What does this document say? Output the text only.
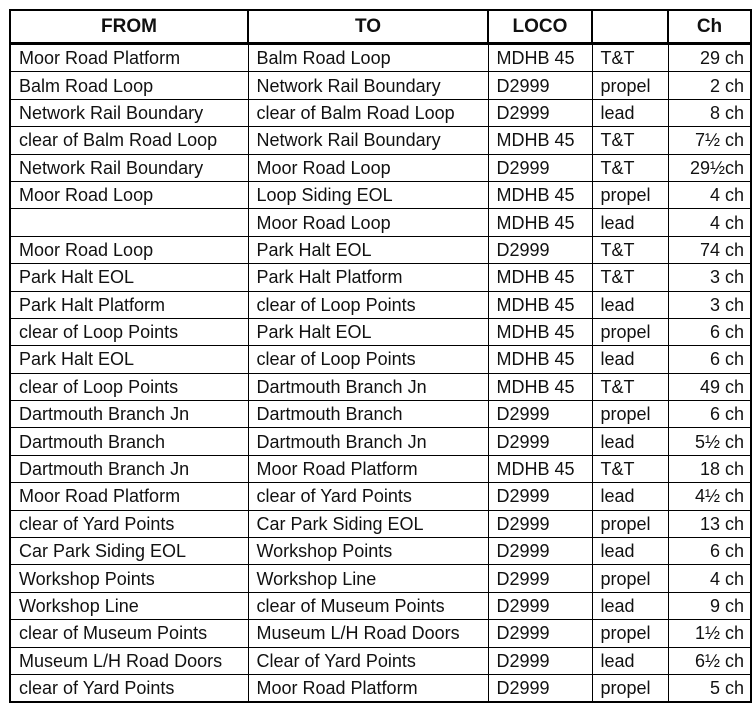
FROM	TO	LOCO		Ch
Moor Road Platform	Balm Road Loop	MDHB 45	T&T	29 ch
Balm Road Loop	Network Rail Boundary	D2999	propel	2 ch
Network Rail Boundary	clear of Balm Road Loop	D2999	lead	8 ch
clear of Balm Road Loop	Network Rail Boundary	MDHB 45	T&T	7½ ch
Network Rail Boundary	Moor Road Loop	D2999	T&T	29½ch
Moor Road Loop	Loop Siding EOL	MDHB 45	propel	4 ch
	Moor Road Loop	MDHB 45	lead	4 ch
Moor Road Loop	Park Halt EOL	D2999	T&T	74 ch
Park Halt EOL	Park Halt Platform	MDHB 45	T&T	3 ch
Park Halt Platform	clear of Loop Points	MDHB 45	lead	3 ch
clear of Loop Points	Park Halt EOL	MDHB 45	propel	6 ch
Park Halt EOL	clear of Loop Points	MDHB 45	lead	6 ch
clear of Loop Points	Dartmouth Branch Jn	MDHB 45	T&T	49 ch
Dartmouth Branch Jn	Dartmouth Branch	D2999	propel	6 ch
Dartmouth Branch	Dartmouth Branch Jn	D2999	lead	5½ ch
Dartmouth Branch Jn	Moor Road Platform	MDHB 45	T&T	18 ch
Moor Road Platform	clear of Yard Points	D2999	lead	4½ ch
clear of Yard Points	Car Park Siding EOL	D2999	propel	13 ch
Car Park Siding EOL	Workshop Points	D2999	lead	6 ch
Workshop Points	Workshop Line	D2999	propel	4 ch
Workshop Line	clear of Museum Points	D2999	lead	9 ch
clear of Museum Points	Museum L/H Road Doors	D2999	propel	1½ ch
Museum L/H Road Doors	Clear of Yard Points	D2999	lead	6½ ch
clear of Yard Points	Moor Road Platform	D2999	propel	5 ch
